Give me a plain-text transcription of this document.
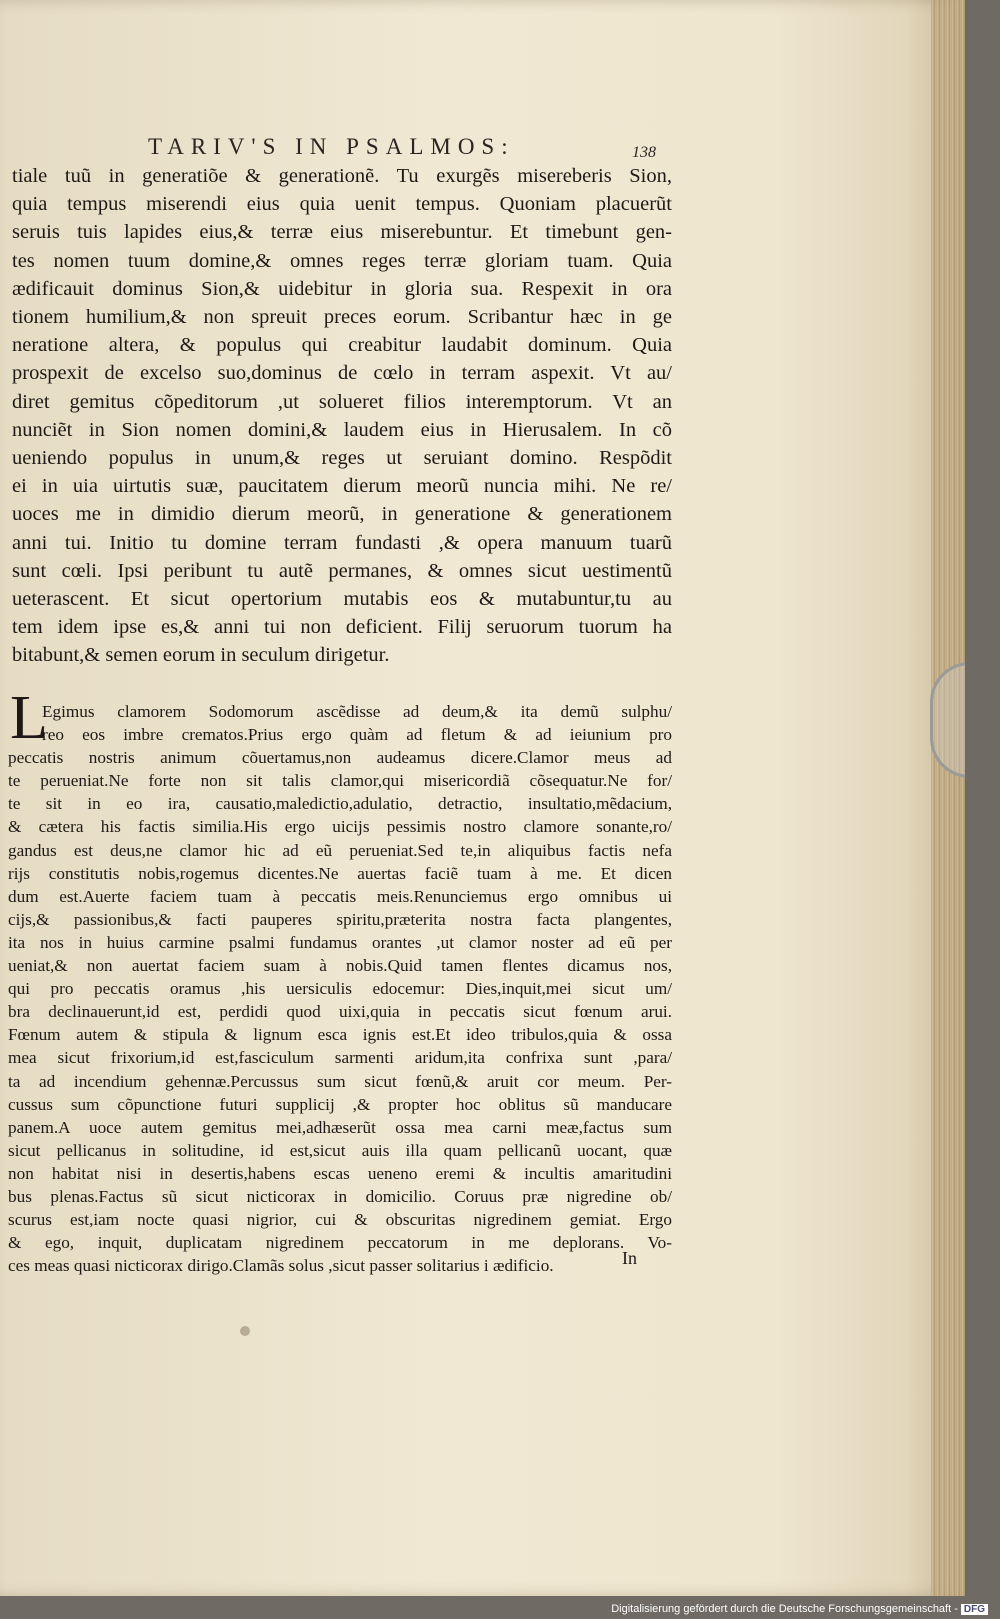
TARIV'S IN PSALMOS:	138
tiale tuũ in generatiõe & generationẽ. Tu exurgẽs misereberis Sion,
quia tempus miserendi eius quia uenit tempus. Quoniam placuerũt
seruis tuis lapides eius,& terræ eius miserebuntur. Et timebunt gen-
tes nomen tuum domine,& omnes reges terræ gloriam tuam. Quia
ædificauit dominus Sion,& uidebitur in gloria sua. Respexit in ora
tionem humilium,& non spreuit preces eorum. Scribantur hæc in ge
neratione altera, & populus qui creabitur laudabit dominum. Quia
prospexit de excelso suo,dominus de cœlo in terram aspexit. Vt au/
diret gemitus cõpeditorum ,ut solueret filios interemptorum. Vt an
nunciẽt in Sion nomen domini,& laudem eius in Hierusalem. In cõ
ueniendo populus in unum,& reges ut seruiant domino. Respõdit
ei in uia uirtutis suæ, paucitatem dierum meorũ nuncia mihi. Ne re/
uoces me in dimidio dierum meorũ, in generatione & generationem
anni tui. Initio tu domine terram fundasti ,& opera manuum tuarũ
sunt cœli. Ipsi peribunt tu autẽ permanes, & omnes sicut uestimentũ
ueterascent. Et sicut opertorium mutabis eos & mutabuntur,tu au
tem idem ipse es,& anni tui non deficient. Filij seruorum tuorum ha
bitabunt,& semen eorum in seculum dirigetur.
L
Egimus clamorem Sodomorum ascẽdisse ad deum,& ita demũ sulphu/
reo eos imbre crematos.Prius ergo quàm ad fletum & ad ieiunium pro
peccatis nostris animum cõuertamus,non audeamus dicere.Clamor meus ad
te perueniat.Ne forte non sit talis clamor,qui misericordiã cõsequatur.Ne for/
te sit in eo ira, causatio,maledictio,adulatio, detractio, insultatio,mẽdacium,
& cætera his factis similia.His ergo uicijs pessimis nostro clamore sonante,ro/
gandus est deus,ne clamor hic ad eũ perueniat.Sed te,in aliquibus factis nefa
rijs constitutis nobis,rogemus dicentes.Ne auertas faciẽ tuam à me. Et dicen
dum est.Auerte faciem tuam à peccatis meis.Renunciemus ergo omnibus ui
cijs,& passionibus,& facti pauperes spiritu,præterita nostra facta plangentes,
ita nos in huius carmine psalmi fundamus orantes ,ut clamor noster ad eũ per
ueniat,& non auertat faciem suam à nobis.Quid tamen flentes dicamus nos,
qui pro peccatis oramus ,his uersiculis edocemur: Dies,inquit,mei sicut um/
bra declinauerunt,id est, perdidi quod uixi,quia in peccatis sicut fœnum arui.
Fœnum autem & stipula & lignum esca ignis est.Et ideo tribulos,quia & ossa
mea sicut frixorium,id est,fasciculum sarmenti aridum,ita confrixa sunt ,para/
ta ad incendium gehennæ.Percussus sum sicut fœnũ,& aruit cor meum. Per-
cussus sum cõpunctione futuri supplicij ,& propter hoc oblitus sũ manducare
panem.A uoce autem gemitus mei,adhæserũt ossa mea carni meæ,factus sum
sicut pellicanus in solitudine, id est,sicut auis illa quam pellicanũ uocant, quæ
non habitat nisi in desertis,habens escas ueneno eremi & incultis amaritudini
bus plenas.Factus sũ sicut nicticorax in domicilio. Coruus præ nigredine ob/
scurus est,iam nocte quasi nigrior, cui & obscuritas nigredinem gemiat. Ergo
& ego, inquit, duplicatam nigredinem peccatorum in me deplorans. Vo-
ces meas quasi nicticorax dirigo.Clamãs solus ,sicut passer solitarius i ædificio.	In
Digitalisierung gefördert durch die Deutsche Forschungsgemeinschaft - DFG
